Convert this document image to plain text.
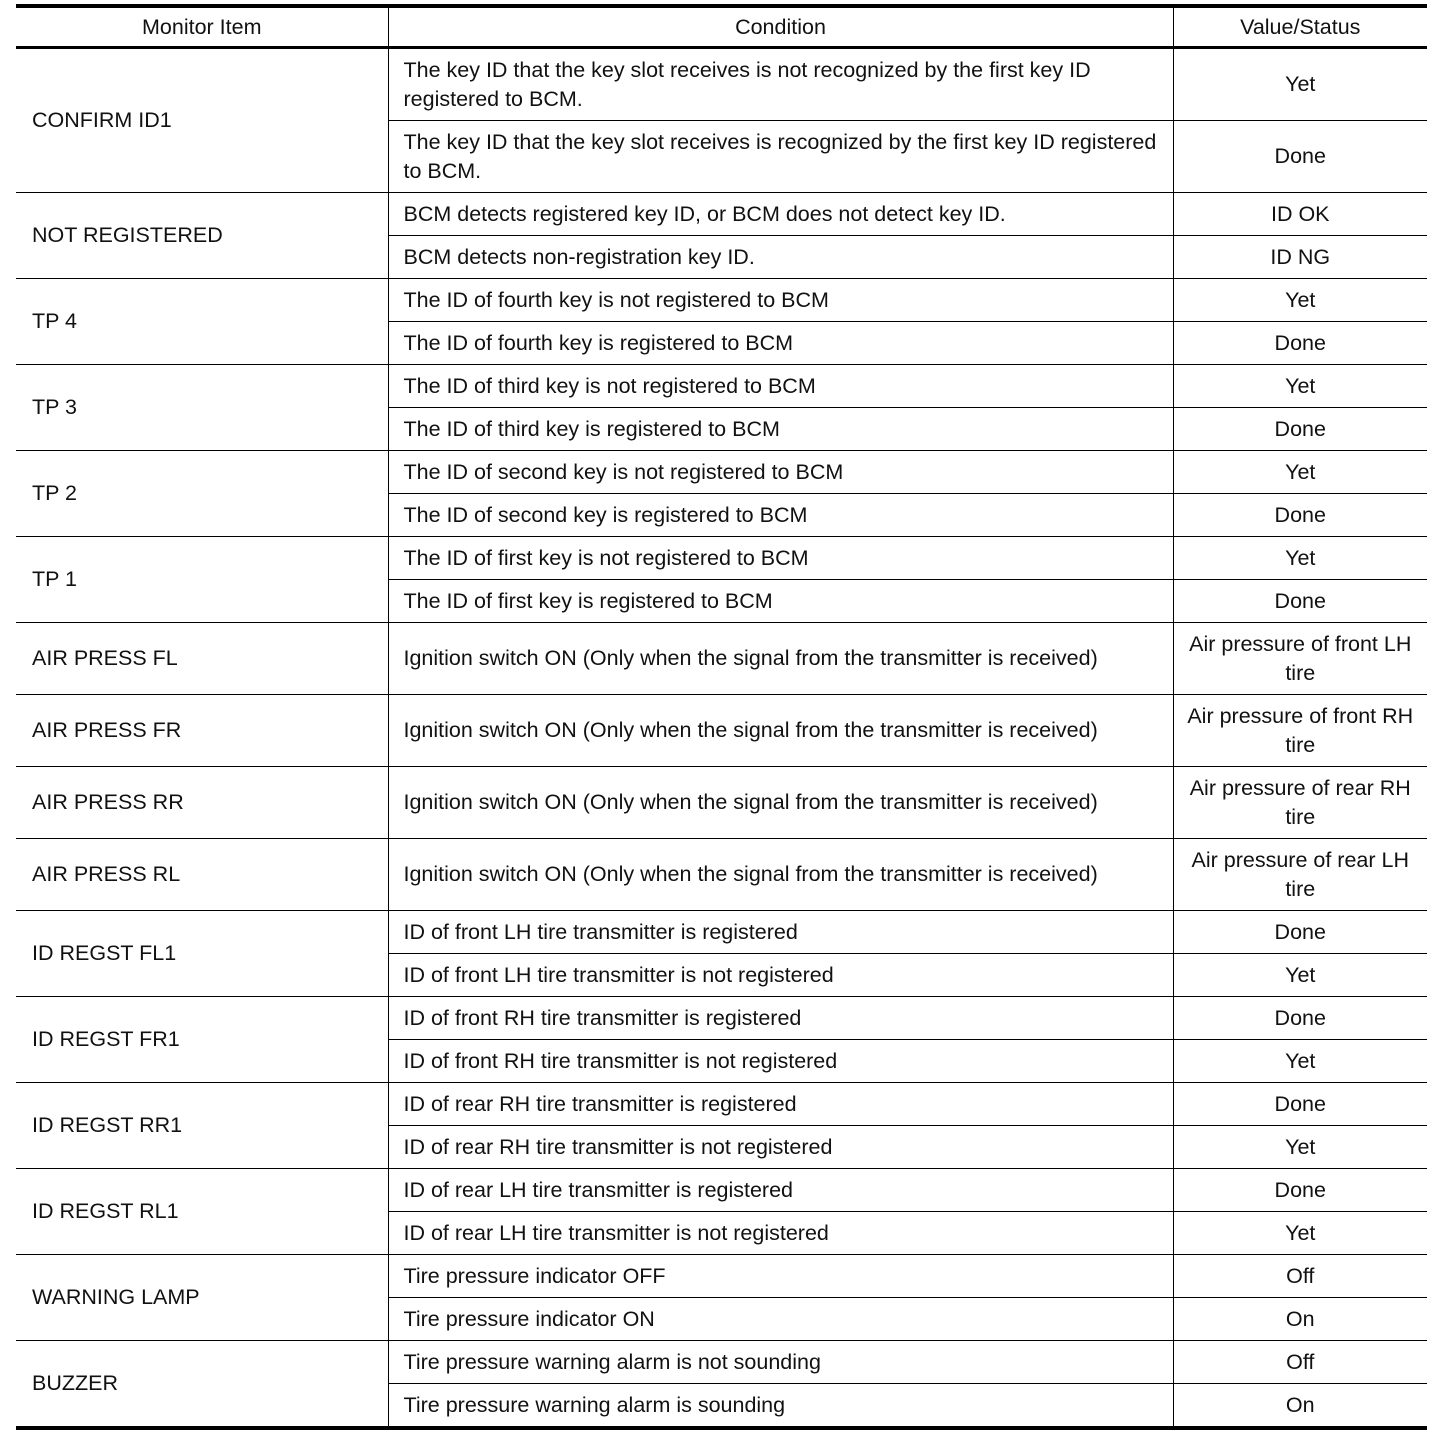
Monitor Item	Condition	Value/Status
CONFIRM ID1	The key ID that the key slot receives is not recognized by the first key ID registered to BCM.	Yet
	The key ID that the key slot receives is recognized by the first key ID registered to BCM.	Done
NOT REGISTERED	BCM detects registered key ID, or BCM does not detect key ID.	ID OK
	BCM detects non-registration key ID.	ID NG
TP 4	The ID of fourth key is not registered to BCM	Yet
	The ID of fourth key is registered to BCM	Done
TP 3	The ID of third key is not registered to BCM	Yet
	The ID of third key is registered to BCM	Done
TP 2	The ID of second key is not registered to BCM	Yet
	The ID of second key is registered to BCM	Done
TP 1	The ID of first key is not registered to BCM	Yet
	The ID of first key is registered to BCM	Done
AIR PRESS FL	Ignition switch ON (Only when the signal from the transmitter is received)	Air pressure of front LH tire
AIR PRESS FR	Ignition switch ON (Only when the signal from the transmitter is received)	Air pressure of front RH tire
AIR PRESS RR	Ignition switch ON (Only when the signal from the transmitter is received)	Air pressure of rear RH tire
AIR PRESS RL	Ignition switch ON (Only when the signal from the transmitter is received)	Air pressure of rear LH tire
ID REGST FL1	ID of front LH tire transmitter is registered	Done
	ID of front LH tire transmitter is not registered	Yet
ID REGST FR1	ID of front RH tire transmitter is registered	Done
	ID of front RH tire transmitter is not registered	Yet
ID REGST RR1	ID of rear RH tire transmitter is registered	Done
	ID of rear RH tire transmitter is not registered	Yet
ID REGST RL1	ID of rear LH tire transmitter is registered	Done
	ID of rear LH tire transmitter is not registered	Yet
WARNING LAMP	Tire pressure indicator OFF	Off
	Tire pressure indicator ON	On
BUZZER	Tire pressure warning alarm is not sounding	Off
	Tire pressure warning alarm is sounding	On
